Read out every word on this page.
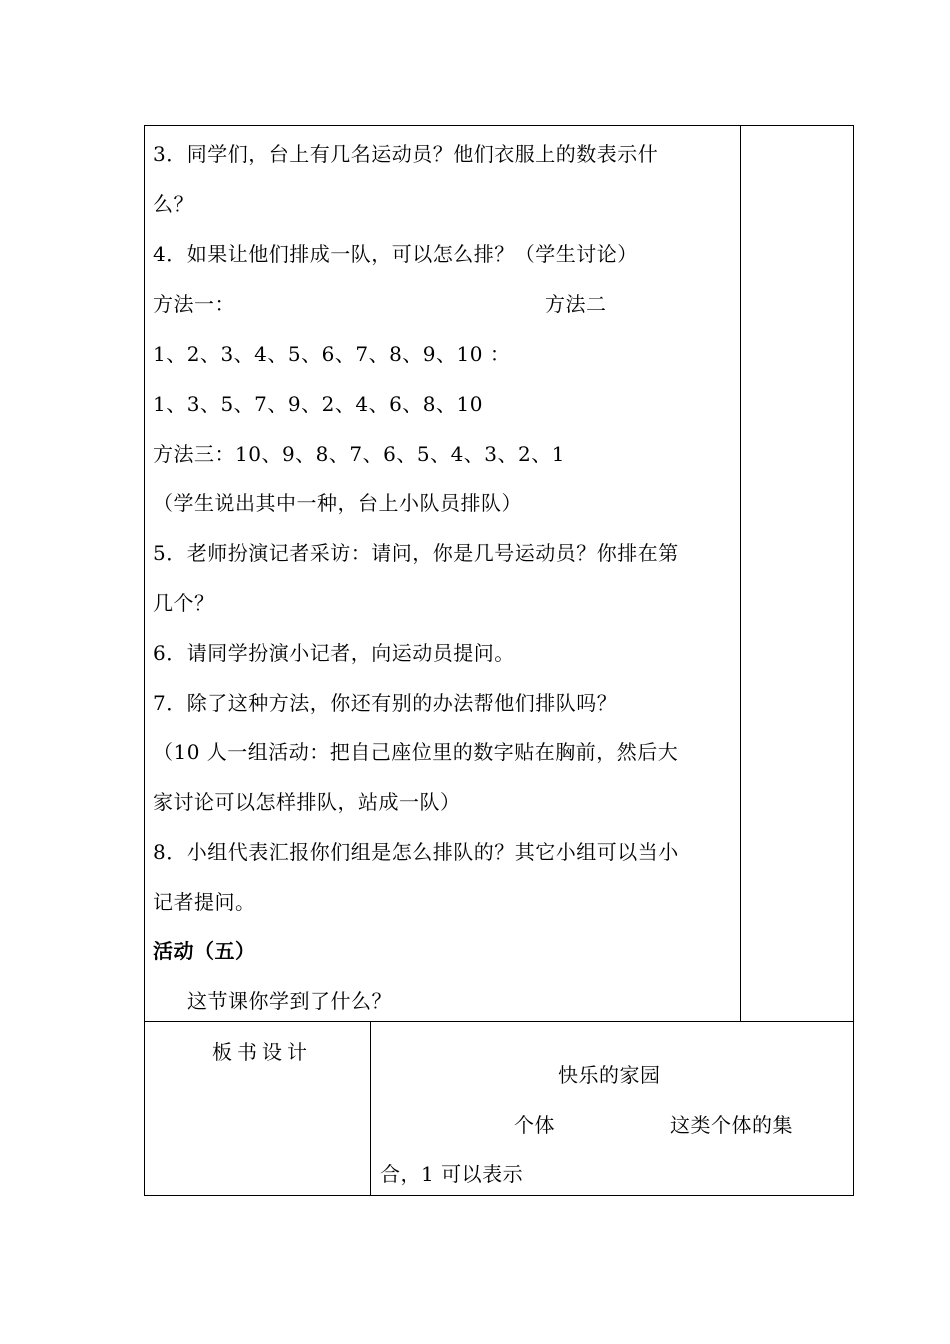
3．同学们，台上有几名运动员？他们衣服上的数表示什
么？
4．如果让他们排成一队，可以怎么排？（学生讨论）
方法一：	方法二
1、2、3、4、5、6、7、8、9、10 ：
1、3、5、7、9、2、4、6、8、10
方法三：10、9、8、7、6、5、4、3、2、1
（学生说出其中一种，台上小队员排队）
5．老师扮演记者采访：请问，你是几号运动员？你排在第
几个？
6．请同学扮演小记者，向运动员提问。
7．除了这种方法，你还有别的办法帮他们排队吗？
（10 人一组活动：把自己座位里的数字贴在胸前，然后大
家讨论可以怎样排队，站成一队）
8．小组代表汇报你们组是怎么排队的？其它小组可以当小
记者提问。
活动（五）
这节课你学到了什么？
板书设计
快乐的家园
个体	这类个体的集
合，1 可以表示
